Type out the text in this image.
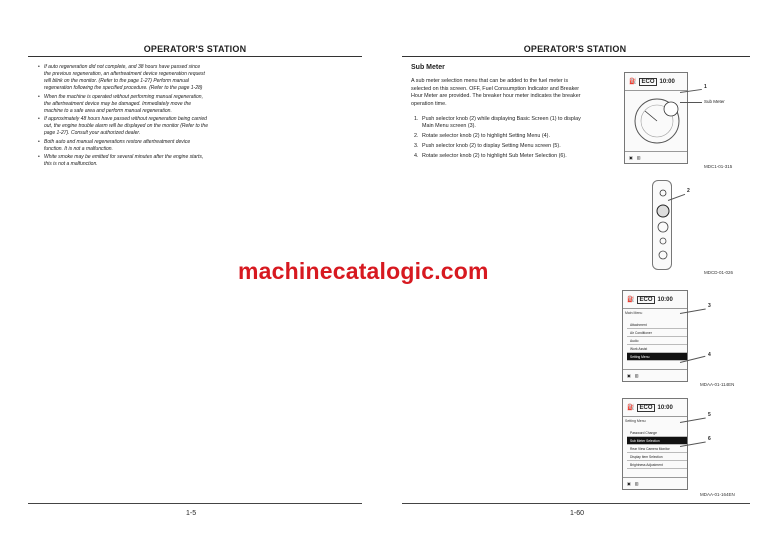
OPERATOR'S STATION
• If auto regeneration did not complete, and 38 hours have passed since the previous regeneration, an aftertreatment device regeneration request will blink on the monitor. (Refer to the page 1-27) Perform manual regeneration following the specified procedure. (Refer to the page 1-28)
• When the machine is operated without performing manual regeneration, the aftertreatment device may be damaged. Immediately move the machine to a safe area and perform manual regeneration.
• If approximately 48 hours have passed without regeneration being carried out, the engine trouble alarm will be displayed on the monitor (Refer to the page 1-27). Consult your authorized dealer.
• Both auto and manual regenerations restore aftertreatment device function. It is not a malfunction.
• White smoke may be emitted for several minutes after the engine starts, this is not a malfunction.
1-5
OPERATOR'S STATION
Sub Meter
A sub meter selection menu that can be added to the fuel meter is selected on this screen. OFF, Fuel Consumption Indicator and Breaker Hour Meter are provided. The breaker hour meter indicates the breaker operation time.
1. Push selector knob (2) while displaying Basic Screen (1) to display Main Menu screen (3).
2. Rotate selector knob (2) to highlight Setting Menu (4).
3. Push selector knob (2) to display Setting Menu screen (5).
4. Rotate selector knob (2) to highlight Sub Meter Selection (6).
⛽ ECO 10:00
▣ ▥
1
Sub Meter
MDC1-01-315
2
MDCD-01-026
⛽ ECO 10:00
Main Menu
Attachment
Air Conditioner
Audio
Work Assist
Setting Menu
▣ ▥
3
4
MDAA-01-114EN
⛽ ECO 10:00
Setting Menu
Password Change
Sub Meter Selection
Rear View Camera Monitor
Display Item Selection
Brightness Adjustment
▣ ▥
5
6
MDAA-01-164EN
1-60
machinecatalogic.com
